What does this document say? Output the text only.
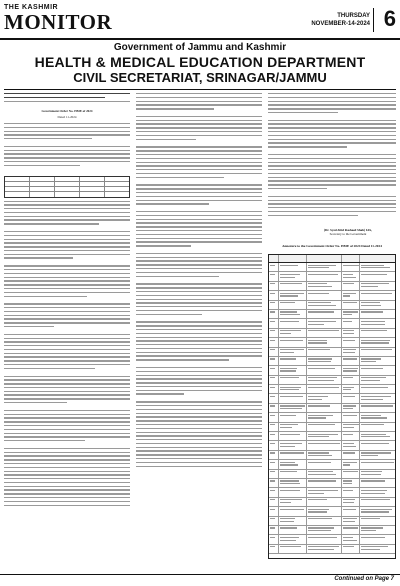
THE KASHMIR
MONITOR	THURSDAY
NOVEMBER-14-2024 6
Government of Jammu and Kashmir
HEALTH & MEDICAL EDUCATION DEPARTMENT
CIVIL SECRETARIAT, SRINAGAR/JAMMU
Government Order No. HME of 2024
Dated 11-2024
(Dr. Syed Abid Rasheed Shah) IAS,
Secretary to the Government
Annexure to the Government Order No. HME of 2024 Dated 11-2024
Continued on Page 7
